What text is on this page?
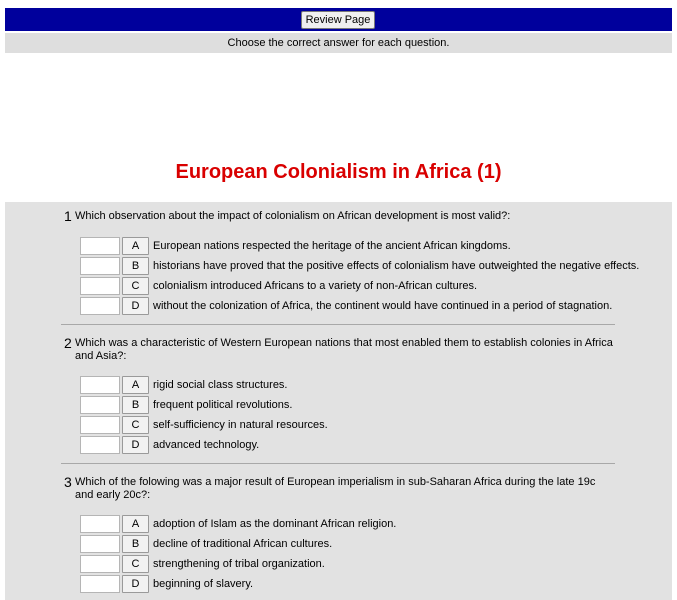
Review Page
Choose the correct answer for each question.
European Colonialism in Africa (1)
1 Which observation about the impact of colonialism on African development is most valid?:
A	European nations respected the heritage of the ancient African kingdoms.
B	historians have proved that the positive effects of colonialism have outweighted the negative effects.
C	colonialism introduced Africans to a variety of non-African cultures.
D	without the colonization of Africa, the continent would have continued in a period of stagnation.
2 Which was a characteristic of Western European nations that most enabled them to establish colonies in Africa and Asia?:
A	rigid social class structures.
B	frequent political revolutions.
C	self-sufficiency in natural resources.
D	advanced technology.
3 Which of the folowing was a major result of European imperialism in sub-Saharan Africa during the late 19c and early 20c?:
A	adoption of Islam as the dominant African religion.
B	decline of traditional African cultures.
C	strengthening of tribal organization.
D	beginning of slavery.
